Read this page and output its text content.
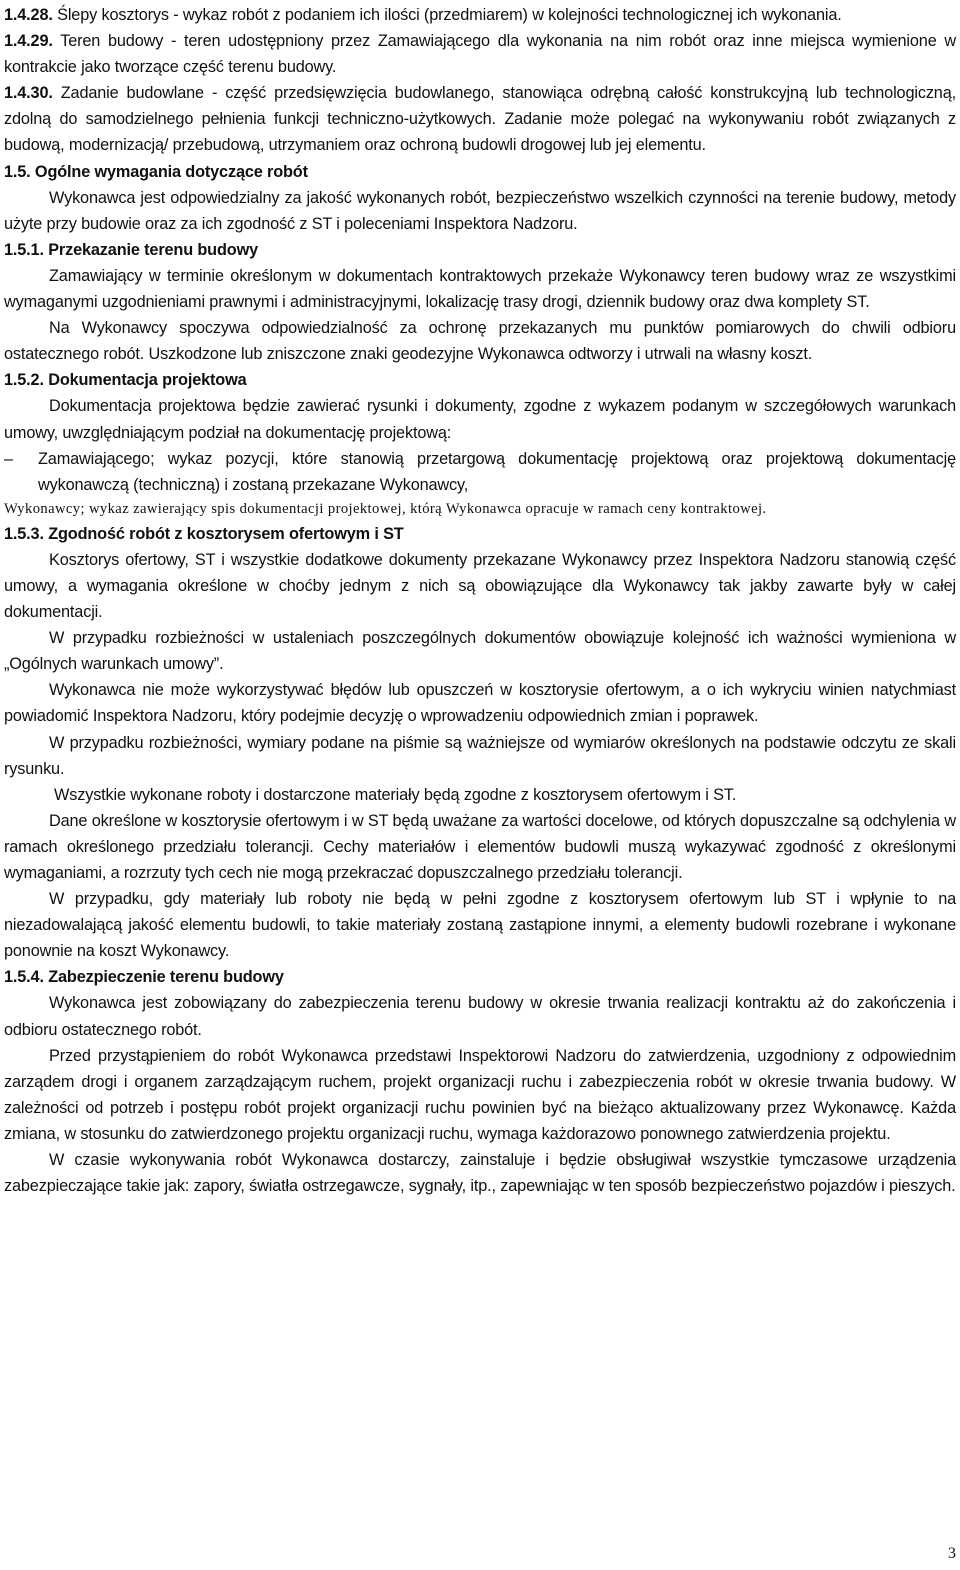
1.4.28. Ślepy kosztorys - wykaz robót z podaniem ich ilości (przedmiarem) w kolejności technologicznej ich wykonania.

1.4.29. Teren budowy - teren udostępniony przez Zamawiającego dla wykonania na nim robót oraz inne miejsca wymienione w kontrakcie jako tworzące część terenu budowy.

1.4.30. Zadanie budowlane - część przedsięwzięcia budowlanego, stanowiąca odrębną całość konstrukcyjną lub technologiczną, zdolną do samodzielnego pełnienia funkcji techniczno-użytkowych. Zadanie może polegać na wykonywaniu robót związanych z budową, modernizacją/ przebudową, utrzymaniem oraz ochroną budowli drogowej lub jej elementu.

1.5. Ogólne wymagania dotyczące robót

Wykonawca jest odpowiedzialny za jakość wykonanych robót, bezpieczeństwo wszelkich czynności na terenie budowy, metody użyte przy budowie oraz za ich zgodność z ST i poleceniami Inspektora Nadzoru.

1.5.1. Przekazanie terenu budowy

Zamawiający w terminie określonym w dokumentach kontraktowych przekaże Wykonawcy teren budowy wraz ze wszystkimi wymaganymi uzgodnieniami prawnymi i administracyjnymi, lokalizację trasy drogi, dziennik budowy oraz dwa komplety ST.

Na Wykonawcy spoczywa odpowiedzialność za ochronę przekazanych mu punktów pomiarowych do chwili odbioru ostatecznego robót. Uszkodzone lub zniszczone znaki geodezyjne Wykonawca odtworzy i utrwali na własny koszt.

1.5.2. Dokumentacja projektowa

Dokumentacja projektowa będzie zawierać rysunki i dokumenty, zgodne z wykazem podanym w szczegółowych warunkach umowy, uwzględniającym podział na dokumentację projektową:

– Zamawiającego; wykaz pozycji, które stanowią przetargową dokumentację projektową oraz projektową dokumentację wykonawczą (techniczną) i zostaną przekazane Wykonawcy,

Wykonawcy; wykaz zawierający spis dokumentacji projektowej, którą Wykonawca opracuje w ramach ceny kontraktowej.

1.5.3. Zgodność robót z kosztorysem ofertowym i ST

Kosztorys ofertowy, ST i wszystkie dodatkowe dokumenty przekazane Wykonawcy przez Inspektora Nadzoru stanowią część umowy, a wymagania określone w choćby jednym z nich są obowiązujące dla Wykonawcy tak jakby zawarte były w całej dokumentacji.

W przypadku rozbieżności w ustaleniach poszczególnych dokumentów obowiązuje kolejność ich ważności wymieniona w „Ogólnych warunkach umowy”.

Wykonawca nie może wykorzystywać błędów lub opuszczeń w kosztorysie ofertowym, a o ich wykryciu winien natychmiast powiadomić Inspektora Nadzoru, który podejmie decyzję o wprowadzeniu odpowiednich zmian i poprawek.

W przypadku rozbieżności, wymiary podane na piśmie są ważniejsze od wymiarów określonych na podstawie odczytu ze skali rysunku.

Wszystkie wykonane roboty i dostarczone materiały będą zgodne z kosztorysem ofertowym i ST.

Dane określone w kosztorysie ofertowym i w ST będą uważane za wartości docelowe, od których dopuszczalne są odchylenia w ramach określonego przedziału tolerancji. Cechy materiałów i elementów budowli muszą wykazywać zgodność z określonymi wymaganiami, a rozrzuty tych cech nie mogą przekraczać dopuszczalnego przedziału tolerancji.

W przypadku, gdy materiały lub roboty nie będą w pełni zgodne z kosztorysem ofertowym lub ST i wpłynie to na niezadowalającą jakość elementu budowli, to takie materiały zostaną zastąpione innymi, a elementy budowli rozebrane i wykonane ponownie na koszt Wykonawcy.

1.5.4. Zabezpieczenie terenu budowy

Wykonawca jest zobowiązany do zabezpieczenia terenu budowy w okresie trwania realizacji kontraktu aż do zakończenia i odbioru ostatecznego robót.

Przed przystąpieniem do robót Wykonawca przedstawi Inspektorowi Nadzoru do zatwierdzenia, uzgodniony z odpowiednim zarządem drogi i organem zarządzającym ruchem, projekt organizacji ruchu i zabezpieczenia robót w okresie trwania budowy. W zależności od potrzeb i postępu robót projekt organizacji ruchu powinien być na bieżąco aktualizowany przez Wykonawcę. Każda zmiana, w stosunku do zatwierdzonego projektu organizacji ruchu, wymaga każdorazowo ponownego zatwierdzenia projektu.

W czasie wykonywania robót Wykonawca dostarczy, zainstaluje i będzie obsługiwał wszystkie tymczasowe urządzenia zabezpieczające takie jak: zapory, światła ostrzegawcze, sygnały, itp., zapewniając w ten sposób bezpieczeństwo pojazdów i pieszych.

3
